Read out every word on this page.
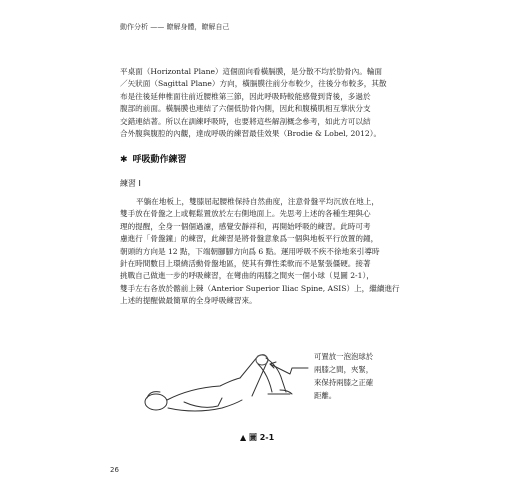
動作分析 —— 瞭解身體，瞭解自己

平桌面（Horizontal Plane）這個面向看橫膈膜，是分散不均於肋骨內。輪面
／矢狀面（Sagittal Plane）方向，橫膈膜往前分布較少，往後分布較多，其散
布是往後延伸椎面往前近腰椎第三節，因此呼吸時較能感覺到背後，多過於
腹部的前面。橫膈膜也連結了六個低肋骨內側，因此和腹橫肌相互掌狀分支
交錯連結著。所以在訓練呼吸時，也要將這些解剖概念參考，如此方可以結
合外腹與腹腔的內觀，達成呼吸的練習最佳效果（Brodie & Lobel, 2012）。

✱ 呼吸動作練習
練習 I

平躺在地板上，雙膝屈起腰椎保持自然曲度，注意骨盤平均沉放在地上，
雙手放在骨盤之上或輕鬆置放於左右側地面上。先思考上述的各種生理與心
理的提醒，全身一個個過濾，感覺安靜祥和，再開始呼吸的練習。此時可考
慮進行「骨盤鐘」的練習，此練習是將骨盤意象爲一個與地板平行放置的鐘，
朝頭的方向是 12 點，下端朝腳腳方向爲 6 點。運用呼吸不疾不徐地來引導時
針在時間數目上環繞活動骨盤地區，使其有彈性柔軟而不是緊張僵硬。接著
挑戰自己做進一步的呼吸練習，在彎曲的兩膝之間夾一個小球（見圖 2-1），
雙手左右各放於髂前上棘（Anterior Superior Iliac Spine, ASIS）上，繼續進行
上述的提醒做最簡單的全身呼吸練習來。

可置放一泡泡球於
兩膝之間，夾緊，
來保持兩膝之正確
距離。
▲ 圖 2-1
26
